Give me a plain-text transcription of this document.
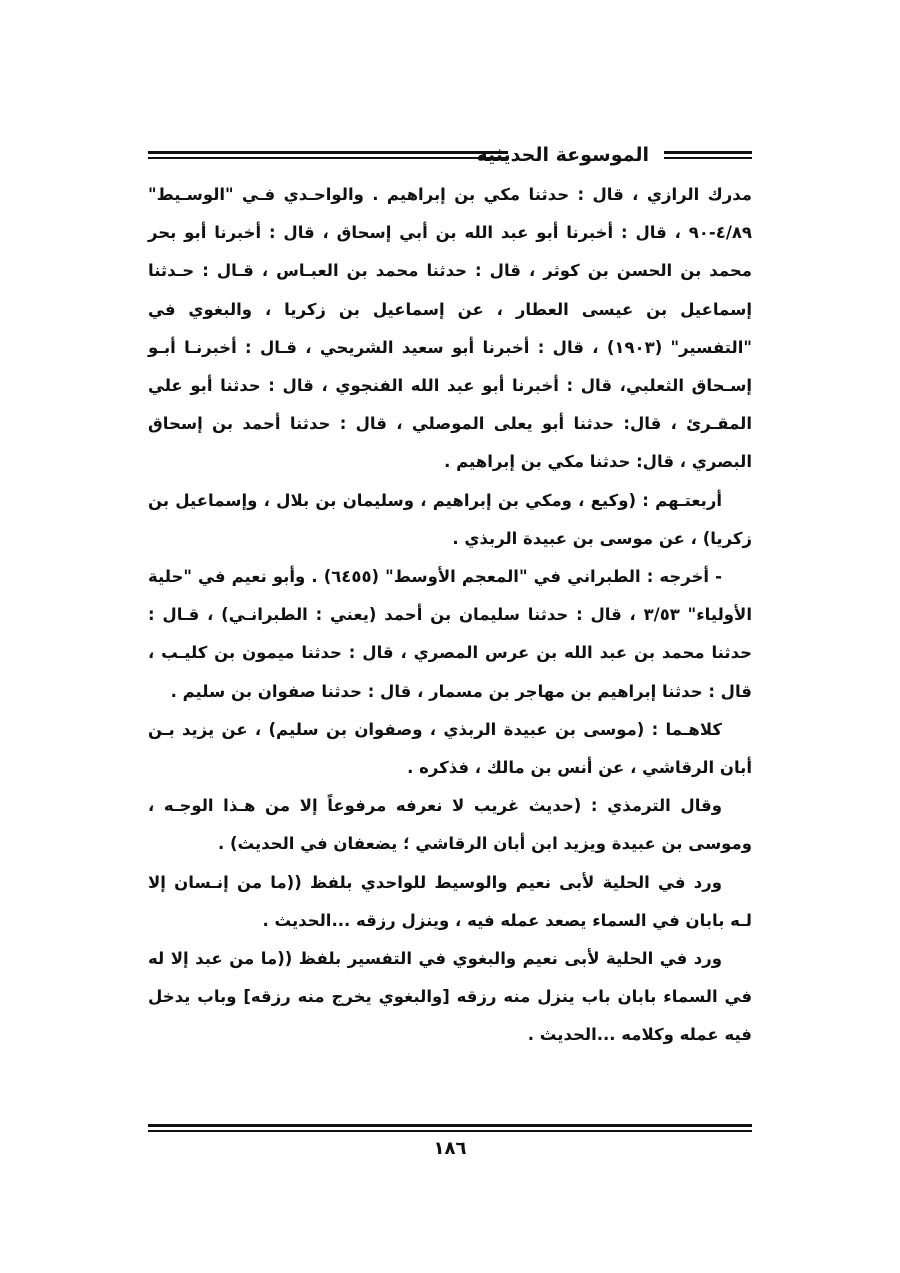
الموسوعة الحديثية

مدرك الرازي ، قال : حدثنا مكي بن إبراهيم . والواحـدي فـي "الوسـيط" ٤/٨٩-٩٠ ، قال : أخبرنا أبو عبد الله بن أبي إسحاق ، قال : أخبرنا أبو بحر محمد بن الحسن بن كوثر ، قال : حدثنا محمد بن العبـاس ، قـال : حـدثنا إسماعيل بن عيسى العطار ، عن إسماعيل بن زكريا ، والبغوي في "التفسير" (١٩٠٣) ، قال : أخبرنا أبو سعيد الشريحي ، قـال : أخبرنـا أبـو إسـحاق الثعلبي، قال : أخبرنا أبو عبد الله الفنجوي ، قال : حدثنا أبو علي المقـرئ ، قال: حدثنا أبو يعلى الموصلي ، قال : حدثنا أحمد بن إسحاق البصري ، قال: حدثنا مكي بن إبراهيم .

أربعتـهم : (وكيع ، ومكي بن إبراهيم ، وسليمان بن بلال ، وإسماعيل بن زكريا) ، عن موسى بن عبيدة الربذي .

- أخرجه : الطبراني في "المعجم الأوسط" (٦٤٥٥) . وأبو نعيم في "حلية الأولياء" ٣/٥٣ ، قال : حدثنا سليمان بن أحمد (يعني : الطبرانـي) ، قـال : حدثنا محمد بن عبد الله بن عرس المصري ، قال : حدثنا ميمون بن كليـب ، قال : حدثنا إبراهيم بن مهاجر بن مسمار ، قال : حدثنا صفوان بن سليم .

كلاهـما : (موسى بن عبيدة الربذي ، وصفوان بن سليم) ، عن يزيد بـن أبان الرقاشي ، عن أنس بن مالك ، فذكره .

وقال الترمذي : (حديث غريب لا نعرفه مرفوعاً إلا من هـذا الوجـه ، وموسى بن عبيدة ويزيد ابن أبان الرقاشي ؛ يضعفان في الحديث) .

ورد في الحلية لأبى نعيم والوسيط للواحدي بلفظ ((ما من إنـسان إلا لـه بابان في السماء يصعد عمله فيه ، وينزل رزقه ...الحديث .

ورد في الحلية لأبى نعيم والبغوي في التفسير بلفظ ((ما من عبد إلا له في السماء بابان باب ينزل منه رزقه [والبغوي يخرج منه رزقه] وباب يدخل فيه عمله وكلامه ...الحديث .

١٨٦
